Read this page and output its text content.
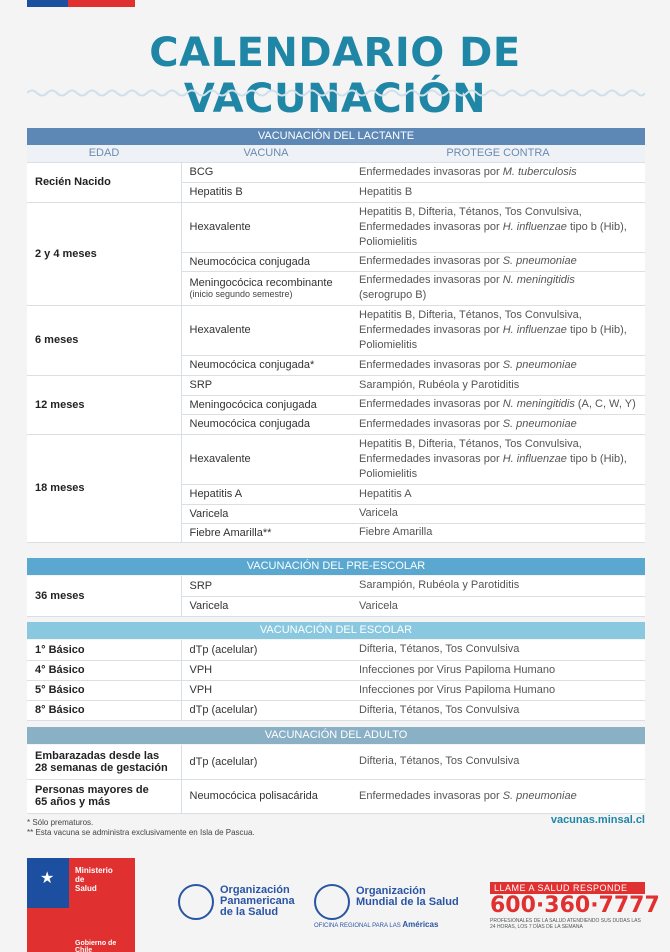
CALENDARIO DE VACUNACIÓN
VACUNACIÓN DEL LACTANTE
EDAD	VACUNA	PROTEGE CONTRA
Recién Nacido	BCG	Enfermedades invasoras por M. tuberculosis
	Hepatitis B	Hepatitis B
2 y 4 meses	Hexavalente	Hepatitis B, Difteria, Tétanos, Tos Convulsiva,
Enfermedades invasoras por H. influenzae tipo b (Hib),
Poliomielitis
	Neumocócica conjugada	Enfermedades invasoras por S. pneumoniae
	Meningocócica recombinante
(inicio segundo semestre)	Enfermedades invasoras por N. meningitidis
(serogrupo B)
6 meses	Hexavalente	Hepatitis B, Difteria, Tétanos, Tos Convulsiva,
Enfermedades invasoras por H. influenzae tipo b (Hib),
Poliomielitis
	Neumocócica conjugada*	Enfermedades invasoras por S. pneumoniae
12 meses	SRP	Sarampión, Rubéola y Parotiditis
	Meningocócica conjugada	Enfermedades invasoras por N. meningitidis (A, C, W, Y)
	Neumocócica conjugada	Enfermedades invasoras por S. pneumoniae
18 meses	Hexavalente	Hepatitis B, Difteria, Tétanos, Tos Convulsiva,
Enfermedades invasoras por H. influenzae tipo b (Hib),
Poliomielitis
	Hepatitis A	Hepatitis A
	Varicela	Varicela
	Fiebre Amarilla**	Fiebre Amarilla
VACUNACIÓN DEL PRE-ESCOLAR
36 meses	SRP	Sarampión, Rubéola y Parotiditis
	Varicela	Varicela
VACUNACIÓN DEL ESCOLAR
1° Básico	dTp (acelular)	Difteria, Tétanos, Tos Convulsiva
4° Básico	VPH	Infecciones por Virus Papiloma Humano
5° Básico	VPH	Infecciones por Virus Papiloma Humano
8° Básico	dTp (acelular)	Difteria, Tétanos, Tos Convulsiva
VACUNACIÓN DEL ADULTO
Embarazadas desde las
28 semanas de gestación	dTp (acelular)	Difteria, Tétanos, Tos Convulsiva
Personas mayores de
65 años y más	Neumocócica polisacárida	Enfermedades invasoras por S. pneumoniae
* Sólo prematuros.
** Esta vacuna se administra exclusivamente en Isla de Pascua.
vacunas.minsal.cl
★	Ministerio
de
Salud
Gobierno de Chile
Organización
Panamericana
de la Salud
Organización
Mundial de la Salud
OFICINA REGIONAL PARA LAS Américas
LLAME A SALUD RESPONDE
600·360·7777
PROFESIONALES DE LA SALUD ATENDIENDO SUS DUDAS LAS 24 HORAS, LOS 7 DÍAS DE LA SEMANA
